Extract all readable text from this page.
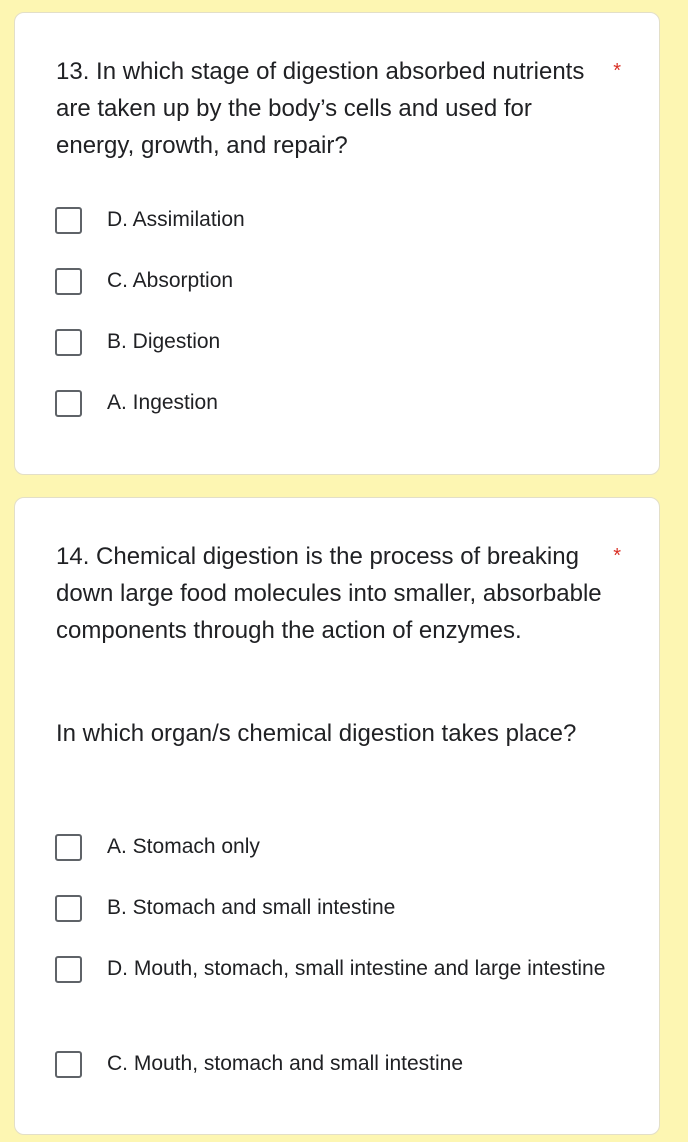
13. In which stage of digestion absorbed nutrients are taken up by the body’s cells and used for energy, growth, and repair?
*
D. Assimilation
C. Absorption
B. Digestion
A. Ingestion
14. Chemical digestion is the process of breaking down large food molecules into smaller, absorbable components through the action of enzymes.
*
In which organ/s chemical digestion takes place?
A. Stomach only
B. Stomach and small intestine
D. Mouth, stomach, small intestine and large intestine
C. Mouth, stomach and small intestine
